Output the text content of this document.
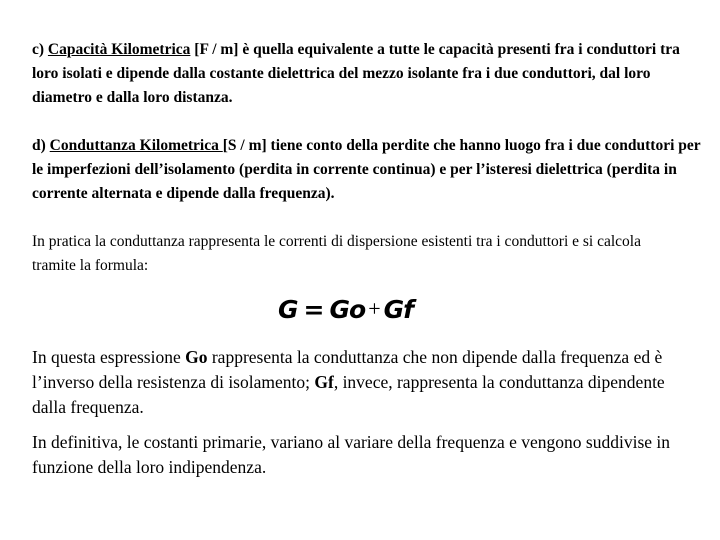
c) Capacità Kilometrica [F / m] è quella equivalente a tutte le capacità presenti fra i conduttori tra loro isolati e dipende dalla costante dielettrica del mezzo isolante fra i due conduttori, dal loro diametro e dalla loro distanza.

d) Conduttanza Kilometrica [S / m] tiene conto della perdite che hanno luogo fra i due conduttori per le imperfezioni dell’isolamento (perdita in corrente continua) e per l’isteresi dielettrica (perdita in corrente alternata e dipende dalla frequenza).

In pratica la conduttanza rappresenta le correnti di dispersione esistenti tra i conduttori e si calcola tramite la formula:

G = Go + Gf

In questa espressione Go rappresenta la conduttanza che non dipende dalla frequenza ed è l’inverso della resistenza di isolamento; Gf, invece, rappresenta la conduttanza dipendente dalla frequenza.

In definitiva, le costanti primarie, variano al variare della frequenza e vengono suddivise in funzione della loro indipendenza.
